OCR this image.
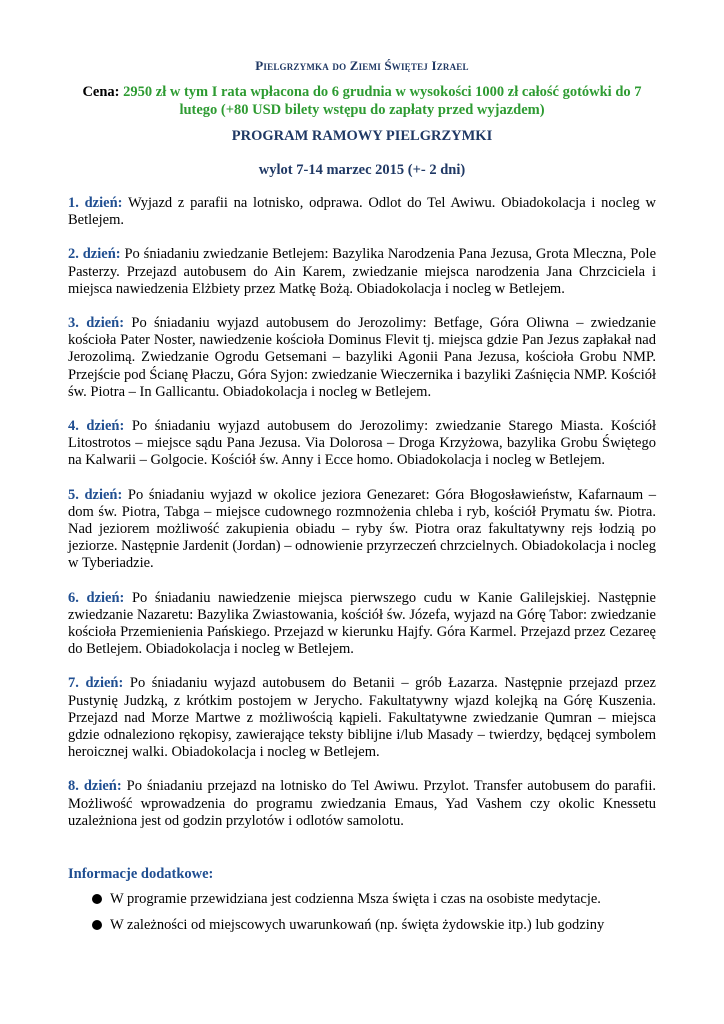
Pielgrzymka do Ziemi Świętej Izrael
Cena: 2950 zł w tym I rata wpłacona do 6 grudnia w wysokości 1000 zł całość gotówki do 7 lutego (+80 USD bilety wstępu do zapłaty przed wyjazdem)
PROGRAM RAMOWY PIELGRZYMKI
wylot 7-14 marzec 2015 (+- 2 dni)
1. dzień: Wyjazd z parafii na lotnisko, odprawa. Odlot do Tel Awiwu. Obiadokolacja i nocleg w Betlejem.
2. dzień: Po śniadaniu zwiedzanie Betlejem: Bazylika Narodzenia Pana Jezusa, Grota Mleczna, Pole Pasterzy. Przejazd autobusem do Ain Karem, zwiedzanie miejsca narodzenia Jana Chrzciciela i miejsca nawiedzenia Elżbiety przez Matkę Bożą. Obiadokolacja i nocleg w Betlejem.
3. dzień: Po śniadaniu wyjazd autobusem do Jerozolimy: Betfage, Góra Oliwna – zwiedzanie kościoła Pater Noster, nawiedzenie kościoła Dominus Flevit tj. miejsca gdzie Pan Jezus zapłakał nad Jerozolimą. Zwiedzanie Ogrodu Getsemani – bazyliki Agonii Pana Jezusa, kościoła Grobu NMP. Przejście pod Ścianę Płaczu, Góra Syjon: zwiedzanie Wieczernika i bazyliki Zaśnięcia NMP. Kościół św. Piotra – In Gallicantu. Obiadokolacja i nocleg w Betlejem.
4. dzień: Po śniadaniu wyjazd autobusem do Jerozolimy: zwiedzanie Starego Miasta. Kościół Litostrotos – miejsce sądu Pana Jezusa. Via Dolorosa – Droga Krzyżowa, bazylika Grobu Świętego na Kalwarii – Golgocie. Kościół św. Anny i Ecce homo. Obiadokolacja i nocleg w Betlejem.
5. dzień: Po śniadaniu wyjazd w okolice jeziora Genezaret: Góra Błogosławieństw, Kafarnaum – dom św. Piotra, Tabga – miejsce cudownego rozmnożenia chleba i ryb, kościół Prymatu św. Piotra. Nad jeziorem możliwość zakupienia obiadu – ryby św. Piotra oraz fakultatywny rejs łodzią po jeziorze. Następnie Jardenit (Jordan) – odnowienie przyrzeczeń chrzcielnych. Obiadokolacja i nocleg w Tyberiadzie.
6. dzień: Po śniadaniu nawiedzenie miejsca pierwszego cudu w Kanie Galilejskiej. Następnie zwiedzanie Nazaretu: Bazylika Zwiastowania, kościół św. Józefa, wyjazd na Górę Tabor: zwiedzanie kościoła Przemienienia Pańskiego. Przejazd w kierunku Hajfy. Góra Karmel. Przejazd przez Cezareę do Betlejem. Obiadokolacja i nocleg w Betlejem.
7. dzień: Po śniadaniu wyjazd autobusem do Betanii – grób Łazarza. Następnie przejazd przez Pustynię Judzką, z krótkim postojem w Jerycho. Fakultatywny wjazd kolejką na Górę Kuszenia. Przejazd nad Morze Martwe z możliwością kąpieli. Fakultatywne zwiedzanie Qumran – miejsca gdzie odnaleziono rękopisy, zawierające teksty biblijne i/lub Masady – twierdzy, będącej symbolem heroicznej walki. Obiadokolacja i nocleg w Betlejem.
8. dzień: Po śniadaniu przejazd na lotnisko do Tel Awiwu. Przylot. Transfer autobusem do parafii. Możliwość wprowadzenia do programu zwiedzania Emaus, Yad Vashem czy okolic Knessetu uzależniona jest od godzin przylotów i odlotów samolotu.
Informacje dodatkowe:
W programie przewidziana jest codzienna Msza święta i czas na osobiste medytacje.
W zależności od miejscowych uwarunkowań (np. święta żydowskie itp.) lub godziny
